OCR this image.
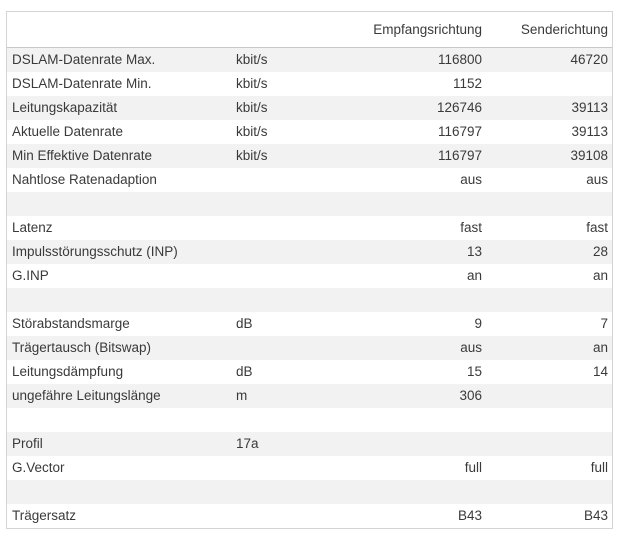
		Empfangsrichtung	Senderichtung
DSLAM-Datenrate Max.	kbit/s	116800	46720
DSLAM-Datenrate Min.	kbit/s	1152	
Leitungskapazität	kbit/s	126746	39113
Aktuelle Datenrate	kbit/s	116797	39113
Min Effektive Datenrate	kbit/s	116797	39108
Nahtlose Ratenadaption		aus	aus

Latenz		fast	fast
Impulsstörungsschutz (INP)		13	28
G.INP		an	an

Störabstandsmarge	dB	9	7
Trägertausch (Bitswap)		aus	an
Leitungsdämpfung	dB	15	14
ungefähre Leitungslänge	m	306	

Profil	17a		
G.Vector		full	full

Trägersatz		B43	B43
